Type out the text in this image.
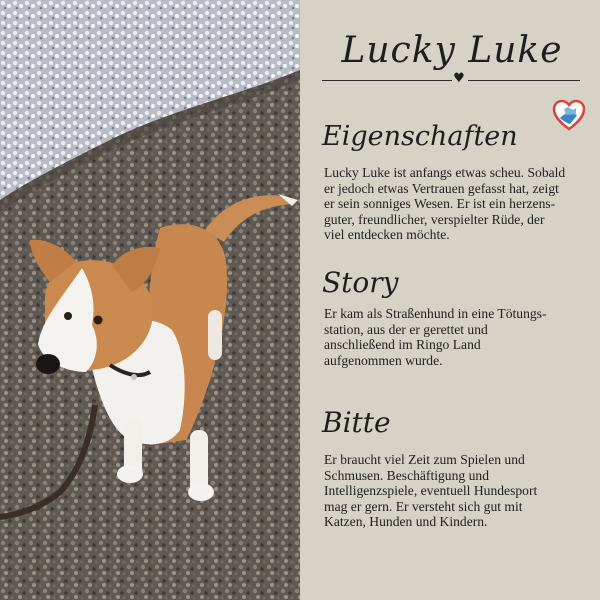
Lucky Luke
♥
Eigenschaften
Lucky Luke ist anfangs etwas scheu. Sobald
er jedoch etwas Vertrauen gefasst hat, zeigt
er sein sonniges Wesen. Er ist ein herzens-
guter, freundlicher, verspielter Rüde, der
viel entdecken möchte.
Story
Er kam als Straßenhund in eine Tötungs-
station, aus der er gerettet und
anschließend im Ringo Land
aufgenommen wurde.
Bitte
Er braucht viel Zeit zum Spielen und
Schmusen. Beschäftigung und
Intelligenzspiele, eventuell Hundesport
mag er gern. Er versteht sich gut mit
Katzen, Hunden und Kindern.
